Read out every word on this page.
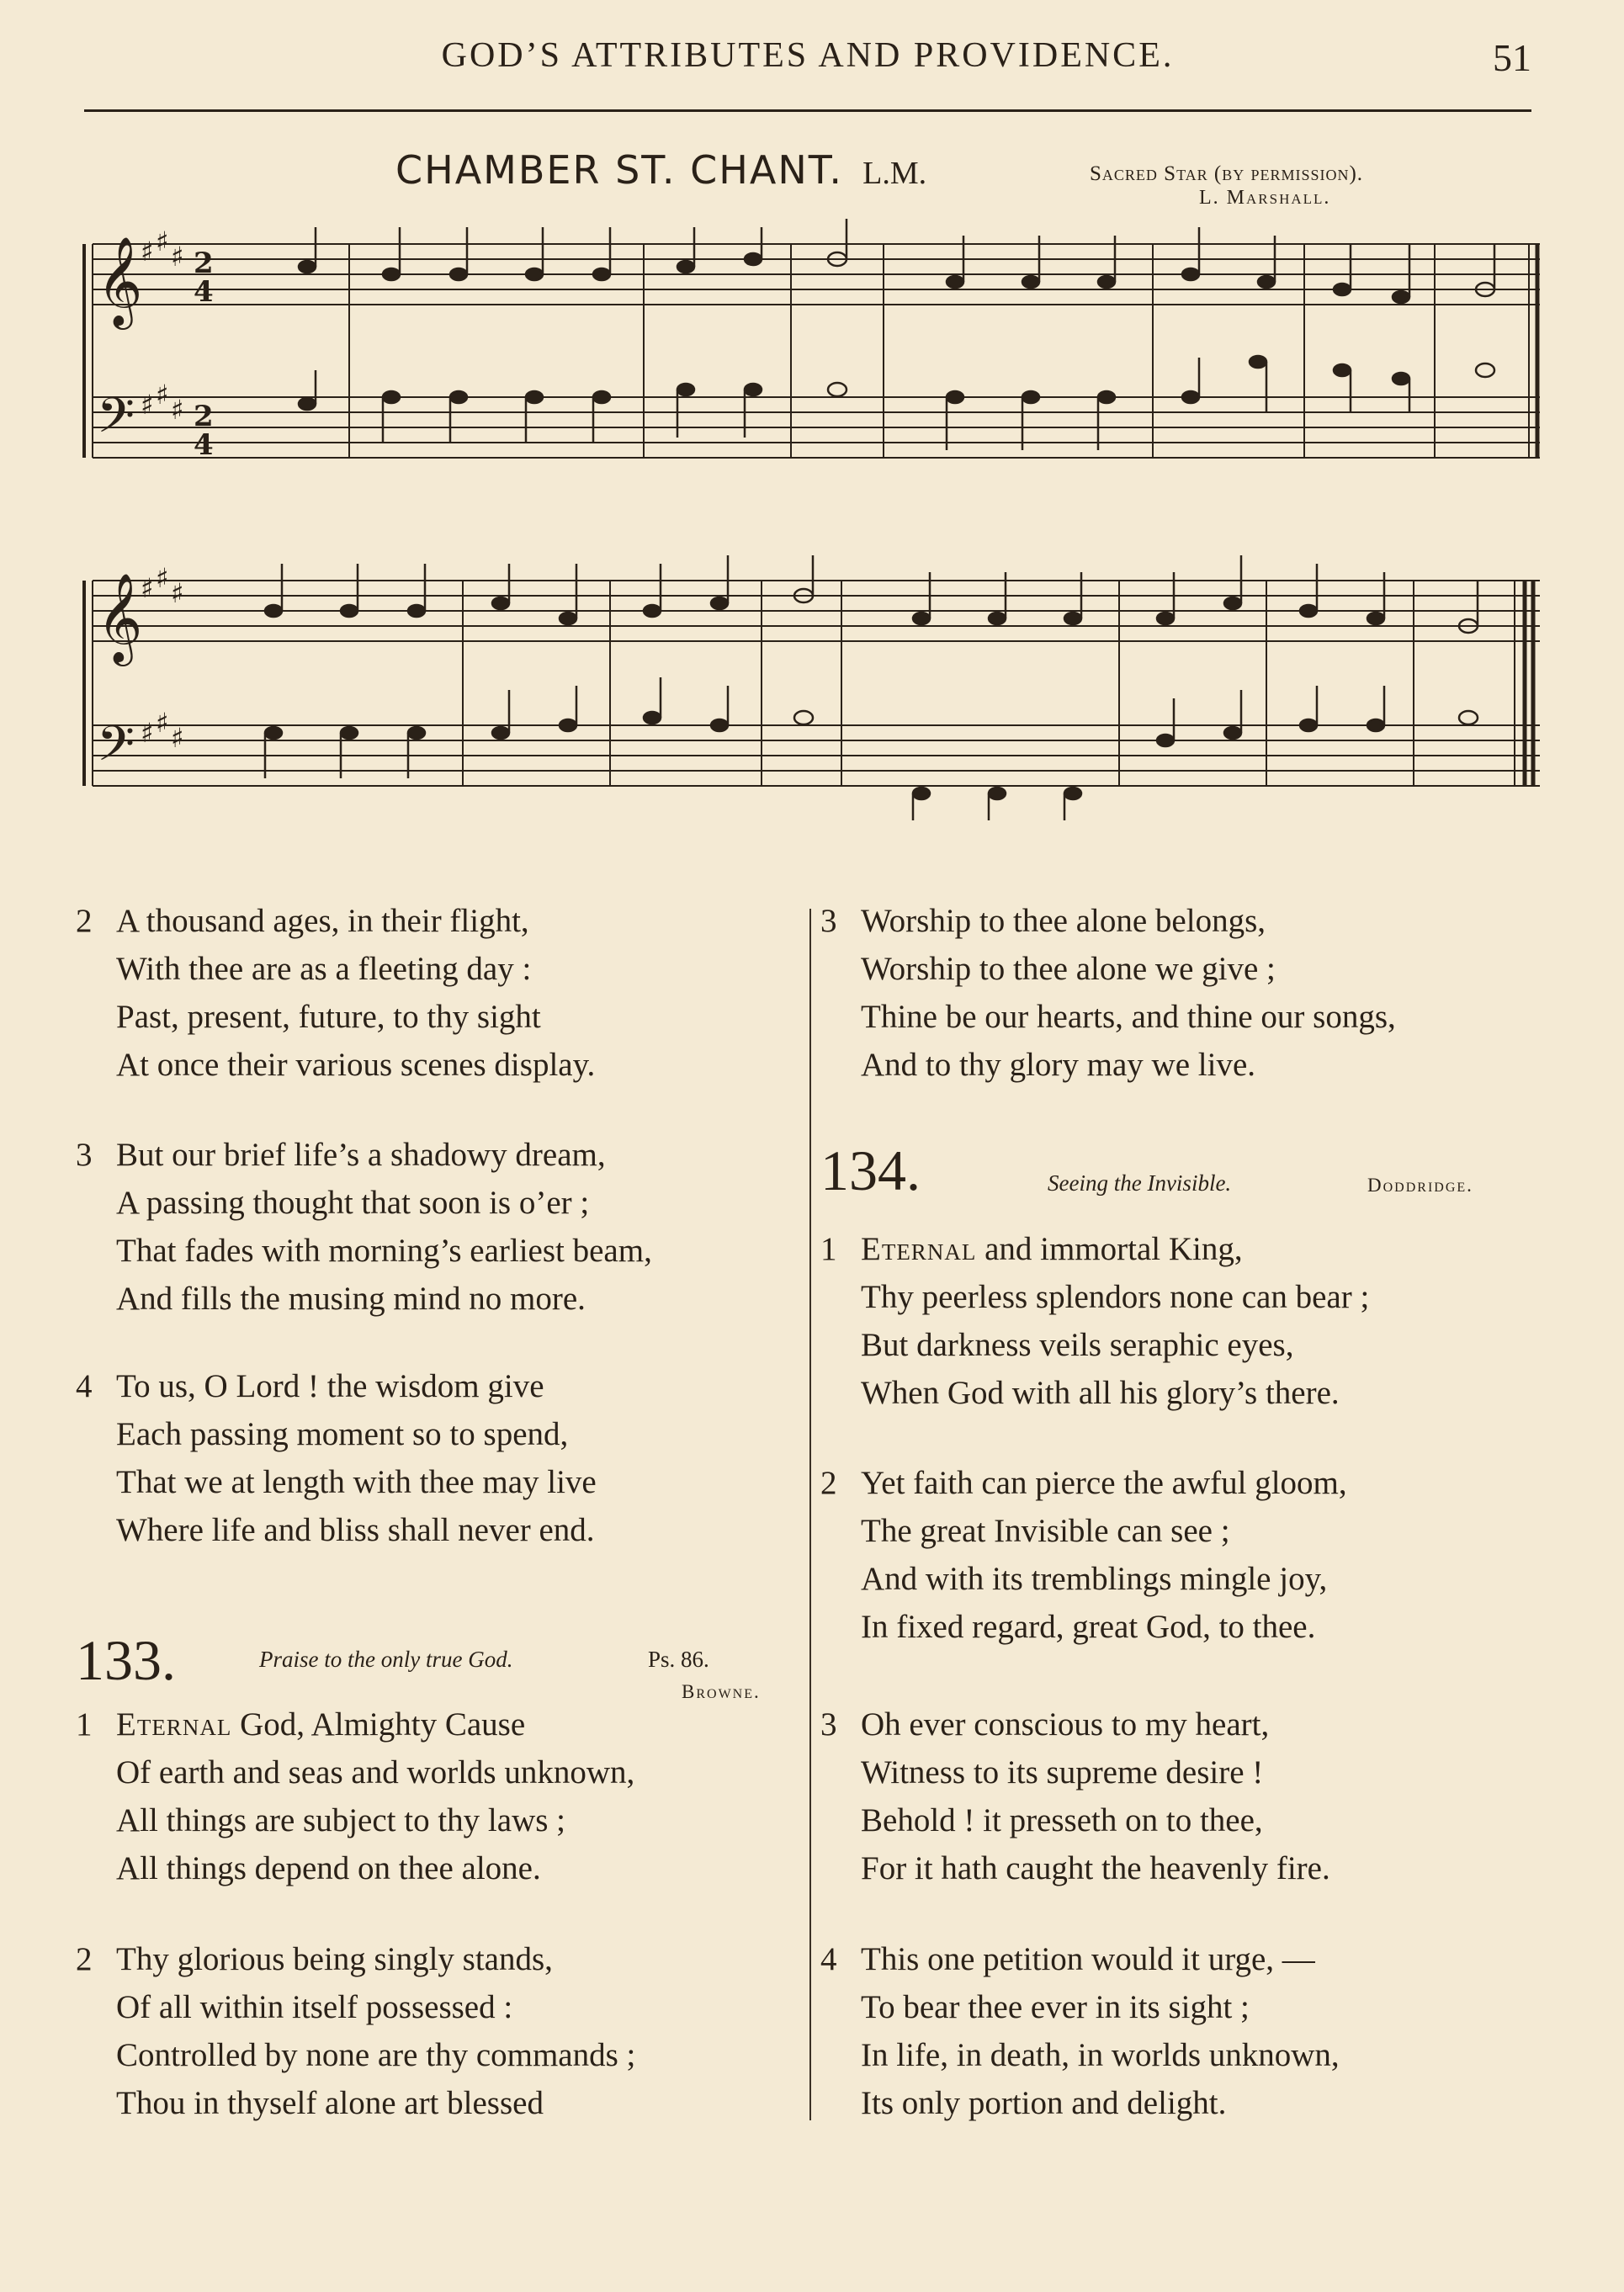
GOD’S ATTRIBUTES AND PROVIDENCE.	51
CHAMBER ST. CHANT. L.M.	Sacred Star (by permission).
L. Marshall.
𝄞
𝄢
♯ ♯ ♯
♯ ♯ ♯
2
4
2
4
𝄞
𝄢
♯ ♯ ♯
♯ ♯ ♯
2 A thousand ages, in their flight,
With thee are as a fleeting day :
Past, present, future, to thy sight
At once their various scenes display.
3 But our brief life’s a shadowy dream,
A passing thought that soon is o’er ;
That fades with morning’s earliest beam,
And fills the musing mind no more.
4 To us, O Lord ! the wisdom give
Each passing moment so to spend,
That we at length with thee may live
Where life and bliss shall never end.
133.	Praise to the only true God.	Ps. 86.
Browne.
1 Eternal God, Almighty Cause
Of earth and seas and worlds unknown,
All things are subject to thy laws ;
All things depend on thee alone.
2 Thy glorious being singly stands,
Of all within itself possessed :
Controlled by none are thy commands ;
Thou in thyself alone art blessed
3 Worship to thee alone belongs,
Worship to thee alone we give ;
Thine be our hearts, and thine our songs,
And to thy glory may we live.
134.	Seeing the Invisible.	Doddridge.
1 Eternal and immortal King,
Thy peerless splendors none can bear ;
But darkness veils seraphic eyes,
When God with all his glory’s there.
2 Yet faith can pierce the awful gloom,
The great Invisible can see ;
And with its tremblings mingle joy,
In fixed regard, great God, to thee.
3 Oh ever conscious to my heart,
Witness to its supreme desire !
Behold ! it presseth on to thee,
For it hath caught the heavenly fire.
4 This one petition would it urge, —
To bear thee ever in its sight ;
In life, in death, in worlds unknown,
Its only portion and delight.
